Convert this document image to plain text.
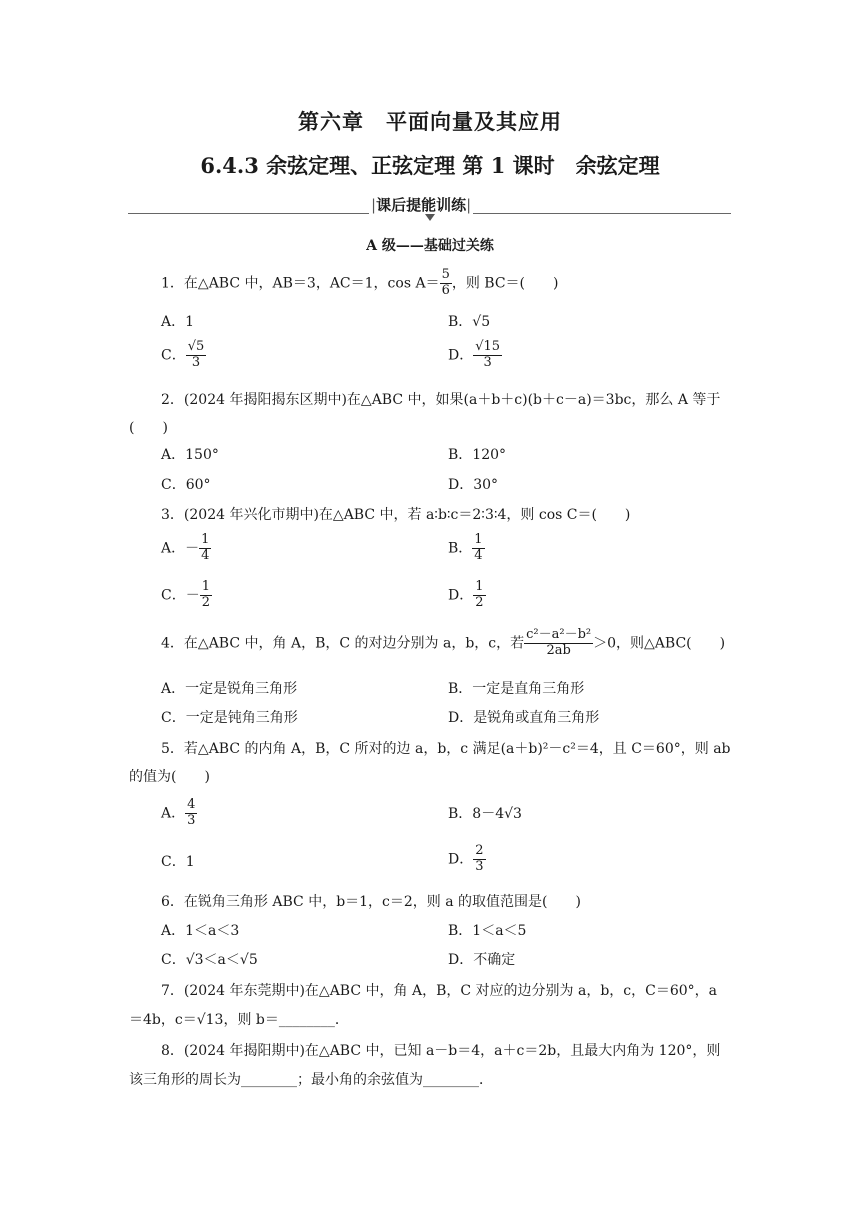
第六章　平面向量及其应用
6.4.3 余弦定理、正弦定理 第 1 课时　余弦定理
|课后提能训练|
A 级——基础过关练
1．在△ABC 中，AB＝3，AC＝1，$\cos A= \frac{5}{6}$ ，则 BC＝(　　)
A．1	B．√5
C． $\frac{√5}{3}$	D． $\frac{√15}{3}$
2．(2024 年揭阳揭东区期中)在△ABC 中，如果(a＋b＋c)(b＋c－a)＝3bc，那么 A 等于
(　　)
A．150°	B．120°
C．60°	D．30°
3．(2024 年兴化市期中)在△ABC 中，若 a∶b∶c＝2∶3∶4，则 cos C＝(　　)
A．－ $\frac{1}{4}$	B． $\frac{1}{4}$
C．－ $\frac{1}{2}$	D． $\frac{1}{2}$
4．在△ABC 中，角 A，B，C 的对边分别为 a，b，c，若 $\frac{\text{c²－a²－b²}}{2ab} >0$，则△ABC(　　)
A．一定是锐角三角形	B．一定是直角三角形
C．一定是钝角三角形	D．是锐角或直角三角形
5．若△ABC 的内角 A，B，C 所对的边 a，b，c 满足(a＋b)²－c²＝4，且 C＝60°，则 ab
的值为(　　)
A． $\frac{4}{3}$	B．8－4√3
C．1	D． $\frac{2}{3}$
6．在锐角三角形 ABC 中，b＝1，c＝2，则 a 的取值范围是(　　)
A．1＜a＜3	B．1＜a＜5
C．√3＜a＜√5	D．不确定
7．(2024 年东莞期中)在△ABC 中，角 A，B，C 对应的边分别为 a，b，c，C＝60°，a
＝4b，c＝√13，则 b＝________．
8．(2024 年揭阳期中)在△ABC 中，已知 a－b＝4，a＋c＝2b，且最大内角为 120°，则
该三角形的周长为________；最小角的余弦值为________．
